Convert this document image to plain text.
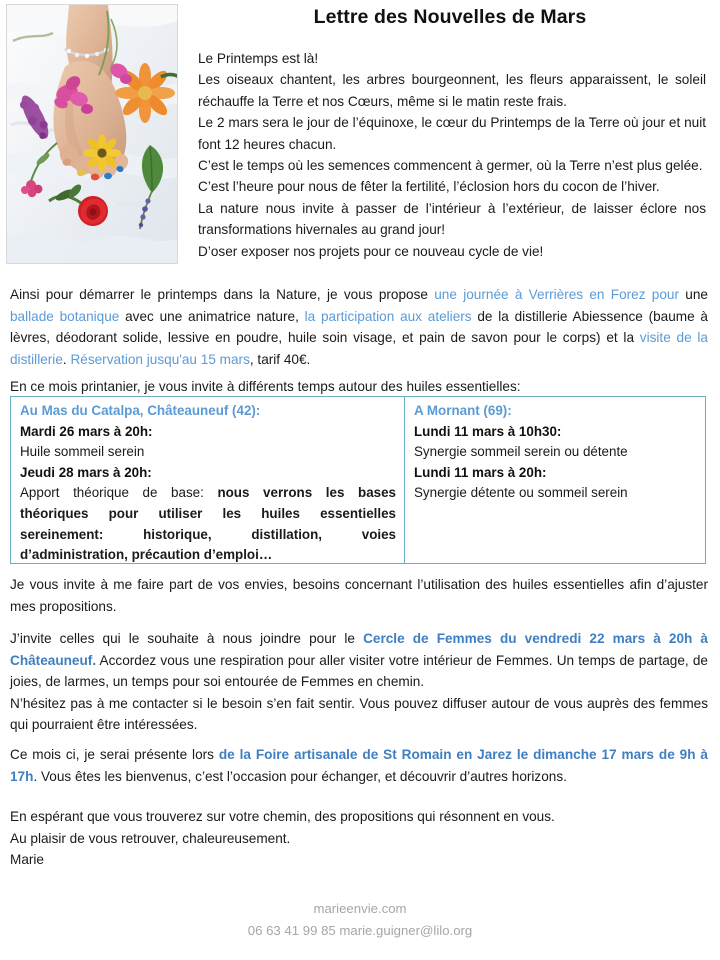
Lettre des Nouvelles de Mars

Le Printemps est là!

Les oiseaux chantent, les arbres bourgeonnent, les fleurs apparaissent, le soleil réchauffe la Terre et nos Cœurs, même si le matin reste frais.

Le 2 mars sera le jour de l’équinoxe, le cœur du Printemps de la Terre où jour et nuit font 12 heures chacun.

C’est le temps où les semences commencent à germer, où la Terre n’est plus gelée.

C’est l’heure pour nous de fêter la fertilité, l’éclosion hors du cocon de l’hiver.

La nature nous invite à passer de l’intérieur à l’extérieur, de laisser éclore nos transformations hivernales au grand jour!

D’oser exposer nos projets pour ce nouveau cycle de vie!

Ainsi pour démarrer le printemps dans la Nature, je vous propose une journée à Verrières en Forez pour une ballade botanique avec une animatrice nature, la participation aux ateliers de la distillerie Abiessence (baume à lèvres, déodorant solide, lessive en poudre, huile soin visage, et pain de savon pour le corps) et la visite de la distillerie. Réservation jusqu'au 15 mars, tarif 40€.

En ce mois printanier, je vous invite à différents temps autour des huiles essentielles:

Au Mas du Catalpa, Châteauneuf (42):

Mardi 26 mars à 20h:

Huile sommeil serein

Jeudi 28 mars à 20h:

Apport théorique de base: nous verrons les bases théoriques pour utiliser les huiles essentielles sereinement: historique, distillation, voies d’administration, précaution d’emploi…

A Mornant (69):

Lundi 11 mars à 10h30:

Synergie sommeil serein ou détente

Lundi 11 mars à 20h:

Synergie détente ou sommeil serein

Je vous invite à me faire part de vos envies, besoins concernant l’utilisation des huiles essentielles afin d’ajuster mes propositions.

J’invite celles qui le souhaite à nous joindre pour le Cercle de Femmes du vendredi 22 mars à 20h à Châteauneuf. Accordez vous une respiration pour aller visiter votre intérieur de Femmes. Un temps de partage, de joies, de larmes, un temps pour soi entourée de Femmes en chemin.

N’hésitez pas à me contacter si le besoin s’en fait sentir. Vous pouvez diffuser autour de vous auprès des femmes qui pourraient être intéressées.

Ce mois ci, je serai présente lors de la Foire artisanale de St Romain en Jarez le dimanche 17 mars de 9h à 17h. Vous êtes les bienvenus, c’est l’occasion pour échanger, et découvrir d’autres horizons.

En espérant que vous trouverez sur votre chemin, des propositions qui résonnent en vous.

Au plaisir de vous retrouver, chaleureusement.

Marie

marieenvie.com
06 63 41 99 85 marie.guigner@lilo.org
